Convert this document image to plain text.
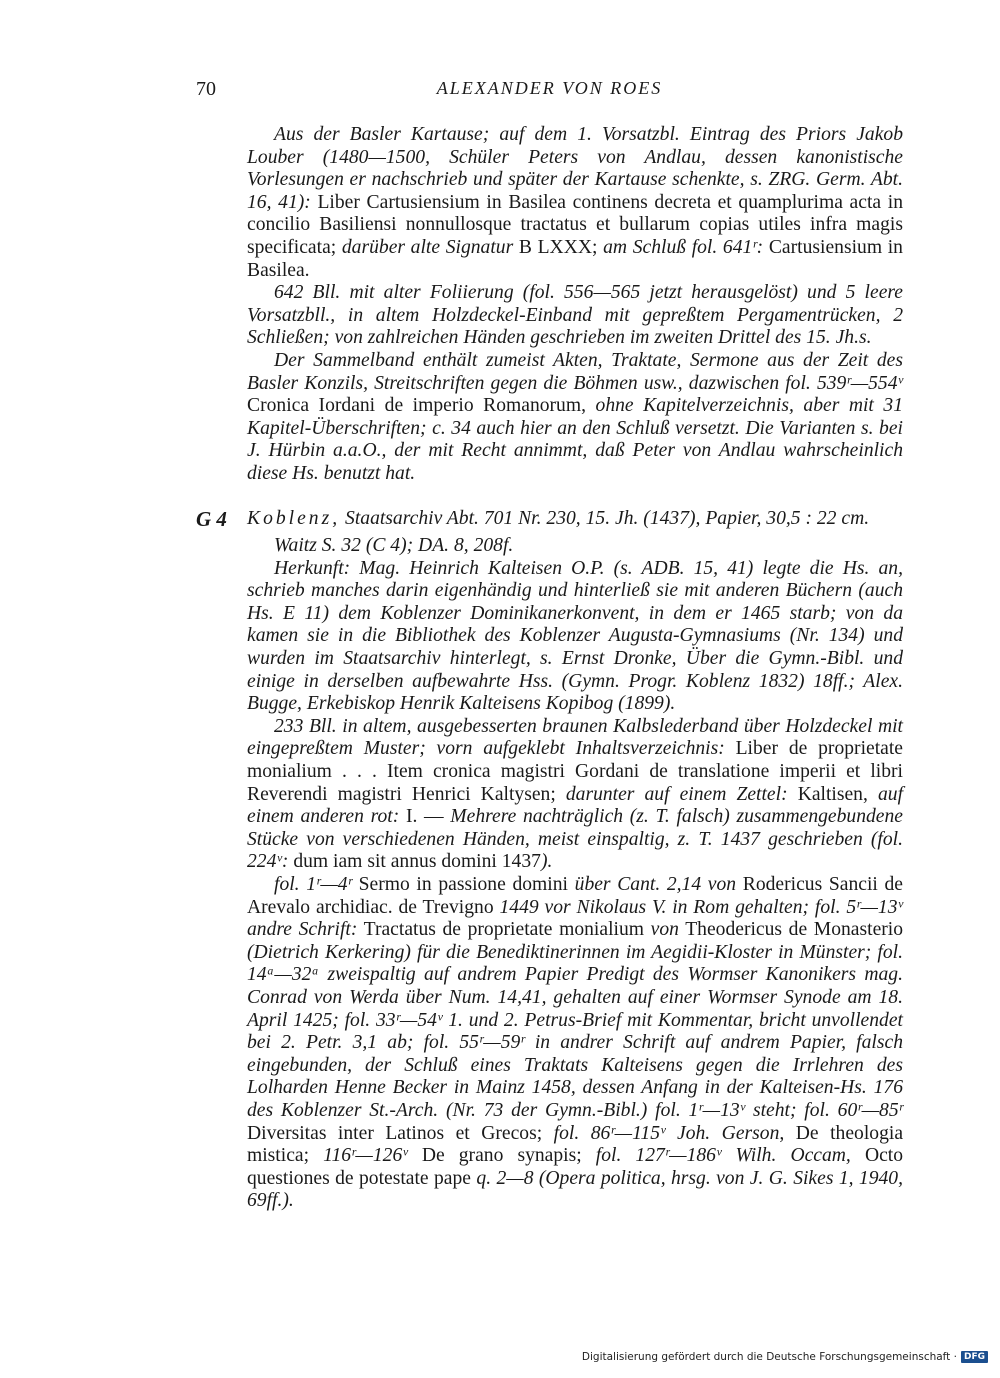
70	ALEXANDER VON ROES

Aus der Basler Kartause; auf dem 1. Vorsatzbl. Eintrag des Priors Jakob Louber (1480—1500, Schüler Peters von Andlau, dessen kanonistische Vorlesungen er nachschrieb und später der Kartause schenkte, s. ZRG. Germ. Abt. 16, 41): Liber Cartusiensium in Basilea continens decreta et quamplurima acta in concilio Basiliensi nonnullosque tractatus et bullarum copias utiles infra magis specificata; darüber alte Signatur B LXXX; am Schluß fol. 641ʳ: Cartusiensium in Basilea.

642 Bll. mit alter Foliierung (fol. 556—565 jetzt herausgelöst) und 5 leere Vorsatzbll., in altem Holzdeckel-Einband mit gepreßtem Pergamentrücken, 2 Schließen; von zahlreichen Händen geschrieben im zweiten Drittel des 15. Jh.s.

Der Sammelband enthält zumeist Akten, Traktate, Sermone aus der Zeit des Basler Konzils, Streitschriften gegen die Böhmen usw., dazwischen fol. 539ʳ—554ᵛ Cronica Iordani de imperio Romanorum, ohne Kapitelverzeichnis, aber mit 31 Kapitel-Überschriften; c. 34 auch hier an den Schluß versetzt. Die Varianten s. bei J. Hürbin a.a.O., der mit Recht annimmt, daß Peter von Andlau wahrscheinlich diese Hs. benutzt hat.

G 4 Koblenz, Staatsarchiv Abt. 701 Nr. 230, 15. Jh. (1437), Papier, 30,5 : 22 cm.

Waitz S. 32 (C 4); DA. 8, 208f.

Herkunft: Mag. Heinrich Kalteisen O.P. (s. ADB. 15, 41) legte die Hs. an, schrieb manches darin eigenhändig und hinterließ sie mit anderen Büchern (auch Hs. E 11) dem Koblenzer Dominikanerkonvent, in dem er 1465 starb; von da kamen sie in die Bibliothek des Koblenzer Augusta-Gymnasiums (Nr. 134) und wurden im Staatsarchiv hinterlegt, s. Ernst Dronke, Über die Gymn.-Bibl. und einige in derselben aufbewahrte Hss. (Gymn. Progr. Koblenz 1832) 18ff.; Alex. Bugge, Erkebiskop Henrik Kalteisens Kopibog (1899).

233 Bll. in altem, ausgebesserten braunen Kalbslederband über Holzdeckel mit eingepreßtem Muster; vorn aufgeklebt Inhaltsverzeichnis: Liber de proprietate monialium . . . Item cronica magistri Gordani de translatione imperii et libri Reverendi magistri Henrici Kaltysen; darunter auf einem Zettel: Kaltisen, auf einem anderen rot: I. — Mehrere nachträglich (z. T. falsch) zusammengebundene Stücke von verschiedenen Händen, meist einspaltig, z. T. 1437 geschrieben (fol. 224ᵛ: dum iam sit annus domini 1437).

fol. 1ʳ—4ʳ Sermo in passione domini über Cant. 2,14 von Rodericus Sancii de Arevalo archidiac. de Trevigno 1449 vor Nikolaus V. in Rom gehalten; fol. 5ʳ—13ᵛ andre Schrift: Tractatus de proprietate monialium von Theodericus de Monasterio (Dietrich Kerkering) für die Benediktinerinnen im Aegidii-Kloster in Münster; fol. 14ᵃ—32ᵃ zweispaltig auf andrem Papier Predigt des Wormser Kanonikers mag. Conrad von Werda über Num. 14,41, gehalten auf einer Wormser Synode am 18. April 1425; fol. 33ʳ—54ᵛ 1. und 2. Petrus-Brief mit Kommentar, bricht unvollendet bei 2. Petr. 3,1 ab; fol. 55ʳ—59ʳ in andrer Schrift auf andrem Papier, falsch eingebunden, der Schluß eines Traktats Kalteisens gegen die Irrlehren des Lolharden Henne Becker in Mainz 1458, dessen Anfang in der Kalteisen-Hs. 176 des Koblenzer St.-Arch. (Nr. 73 der Gymn.-Bibl.) fol. 1ʳ—13ᵛ steht; fol. 60ʳ—85ʳ Diversitas inter Latinos et Grecos; fol. 86ʳ—115ᵛ Joh. Gerson, De theologia mistica; 116ʳ—126ᵛ De grano synapis; fol. 127ʳ—186ᵛ Wilh. Occam, Octo questiones de potestate pape q. 2—8 (Opera politica, hrsg. von J. G. Sikes 1, 1940, 69ff.).

Digitalisierung gefördert durch die Deutsche Forschungsgemeinschaft · DFG
